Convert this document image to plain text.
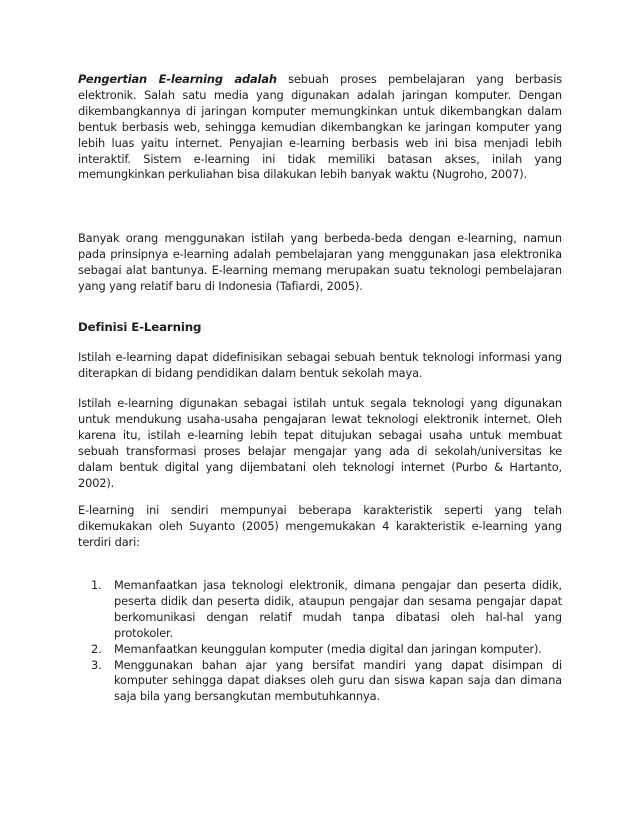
Pengertian E-learning adalah sebuah proses pembelajaran yang berbasis elektronik. Salah satu media yang digunakan adalah jaringan komputer. Dengan dikembangkannya di jaringan komputer memungkinkan untuk dikembangkan dalam bentuk berbasis web, sehingga kemudian dikembangkan ke jaringan komputer yang lebih luas yaitu internet. Penyajian e-learning berbasis web ini bisa menjadi lebih interaktif. Sistem e-learning ini tidak memiliki batasan akses, inilah yang memungkinkan perkuliahan bisa dilakukan lebih banyak waktu (Nugroho, 2007).

Banyak orang menggunakan istilah yang berbeda-beda dengan e-learning, namun pada prinsipnya e-learning adalah pembelajaran yang menggunakan jasa elektronika sebagai alat bantunya. E-learning memang merupakan suatu teknologi pembelajaran yang yang relatif baru di Indonesia (Tafiardi, 2005).

Definisi E-Learning

Istilah e-learning dapat didefinisikan sebagai sebuah bentuk teknologi informasi yang diterapkan di bidang pendidikan dalam bentuk sekolah maya.

Istilah e-learning digunakan sebagai istilah untuk segala teknologi yang digunakan untuk mendukung usaha-usaha pengajaran lewat teknologi elektronik internet. Oleh karena itu, istilah e-learning lebih tepat ditujukan sebagai usaha untuk membuat sebuah transformasi proses belajar mengajar yang ada di sekolah/universitas ke dalam bentuk digital yang dijembatani oleh teknologi internet (Purbo & Hartanto, 2002).

E-learning ini sendiri mempunyai beberapa karakteristik seperti yang telah dikemukakan oleh Suyanto (2005) mengemukakan 4 karakteristik e-learning yang terdiri dari:

1. Memanfaatkan jasa teknologi elektronik, dimana pengajar dan peserta didik, peserta didik dan peserta didik, ataupun pengajar dan sesama pengajar dapat berkomunikasi dengan relatif mudah tanpa dibatasi oleh hal-hal yang protokoler.
2. Memanfaatkan keunggulan komputer (media digital dan jaringan komputer).
3. Menggunakan bahan ajar yang bersifat mandiri yang dapat disimpan di komputer sehingga dapat diakses oleh guru dan siswa kapan saja dan dimana saja bila yang bersangkutan membutuhkannya.
